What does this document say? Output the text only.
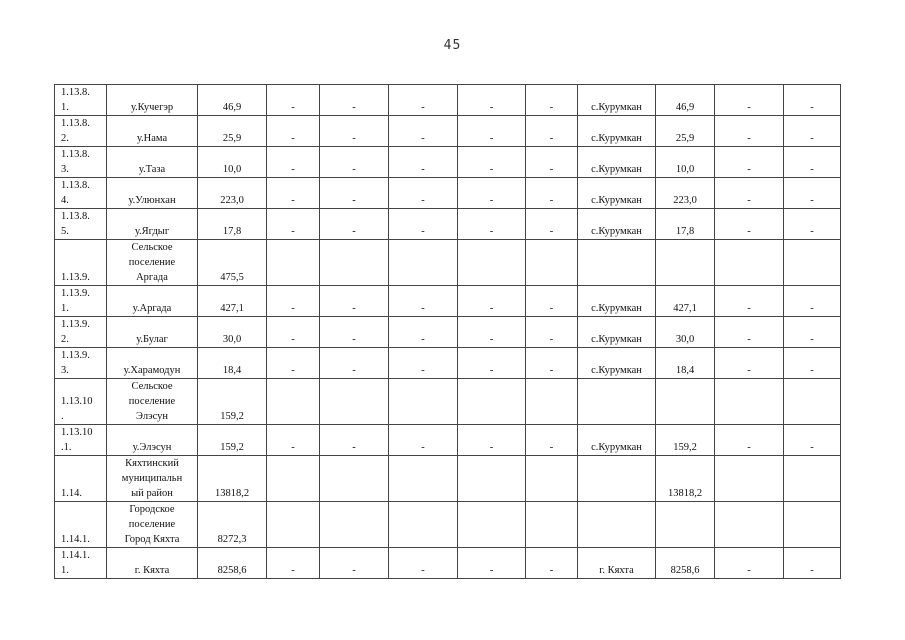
45
1.13.8.
1.	у.Кучегэр	46,9	-	-	-	-	-	с.Курумкан	46,9	-	-
1.13.8.
2.	у.Нама	25,9	-	-	-	-	-	с.Курумкан	25,9	-	-
1.13.8.
3.	у.Таза	10,0	-	-	-	-	-	с.Курумкан	10,0	-	-
1.13.8.
4.	у.Улюнхан	223,0	-	-	-	-	-	с.Курумкан	223,0	-	-
1.13.8.
5.	у.Ягдыг	17,8	-	-	-	-	-	с.Курумкан	17,8	-	-
1.13.9.	Сельское
поселение
Аргада	475,5									
1.13.9.
1.	у.Аргада	427,1	-	-	-	-	-	с.Курумкан	427,1	-	-
1.13.9.
2.	у.Булаг	30,0	-	-	-	-	-	с.Курумкан	30,0	-	-
1.13.9.
3.	у.Харамодун	18,4	-	-	-	-	-	с.Курумкан	18,4	-	-
1.13.10
.	Сельское
поселение
Элэсун	159,2									
1.13.10
.1.	у.Элэсун	159,2	-	-	-	-	-	с.Курумкан	159,2	-	-
1.14.	Кяхтинский
муниципальн
ый район	13818,2							13818,2		
1.14.1.	Городское
поселение
Город Кяхта	8272,3									
1.14.1.
1.	г. Кяхта	8258,6	-	-	-	-	-	г. Кяхта	8258,6	-	-
